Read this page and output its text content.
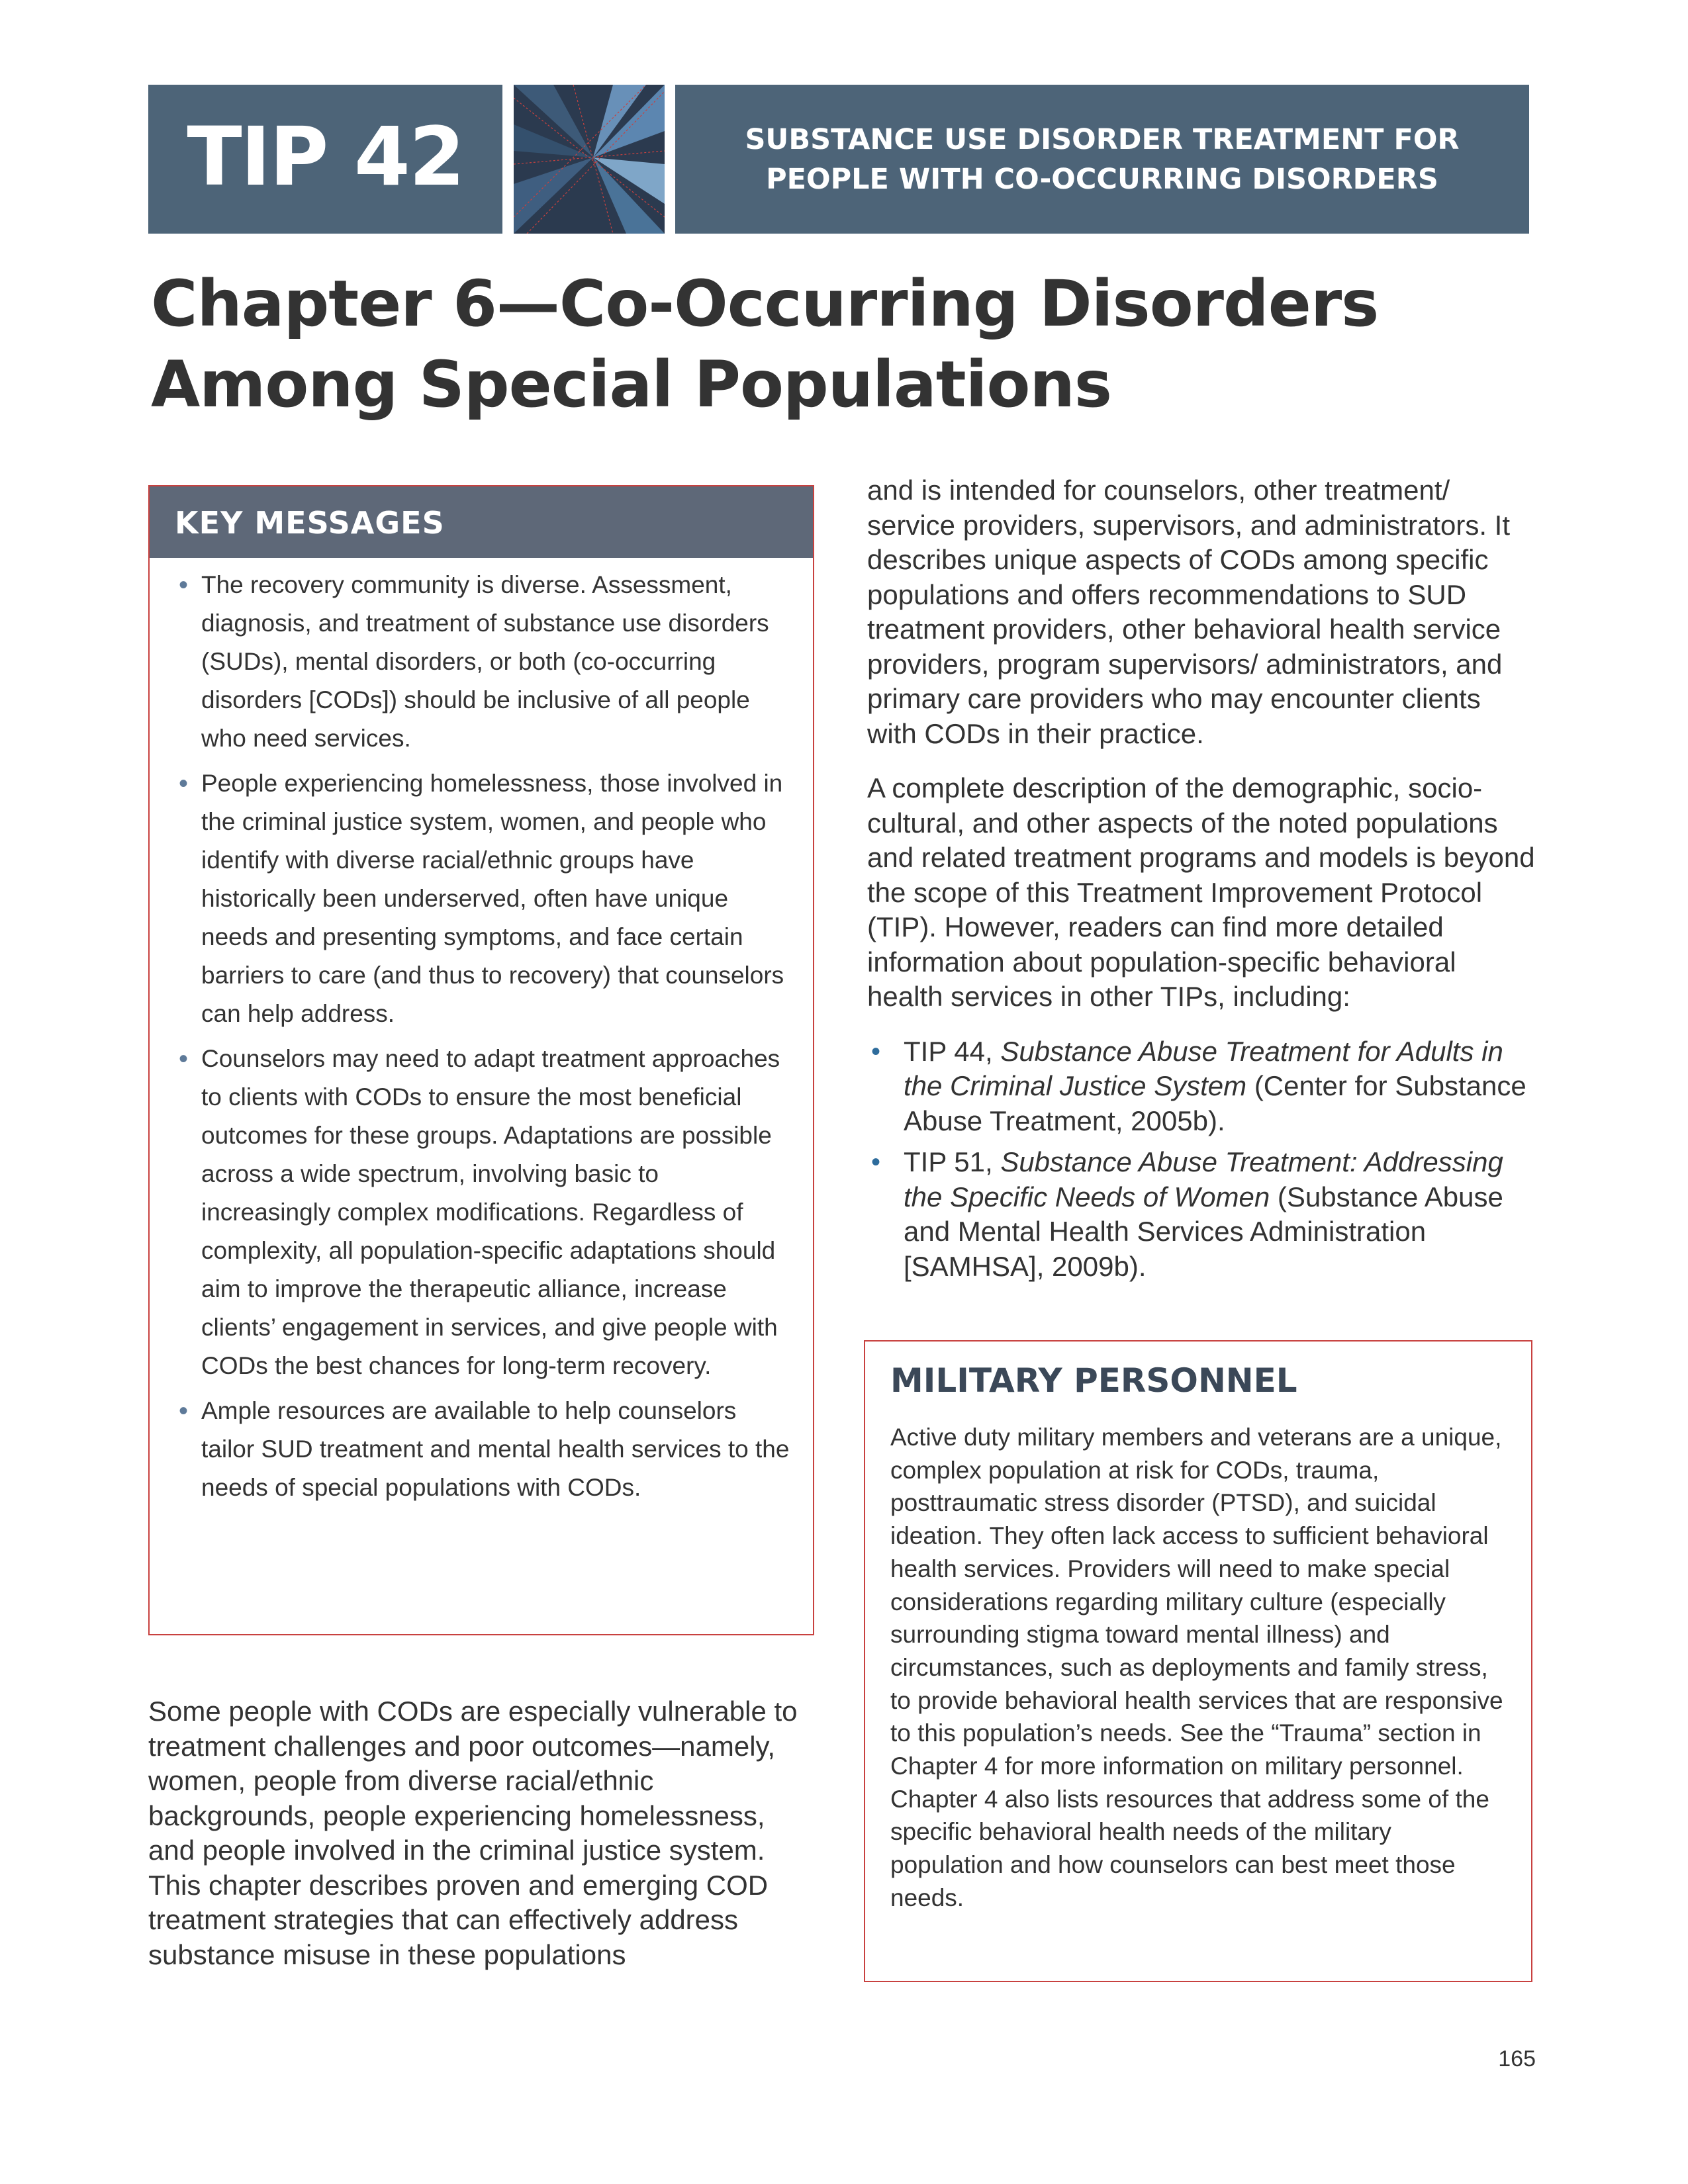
TIP 42	SUBSTANCE USE DISORDER TREATMENT FOR
PEOPLE WITH CO-OCCURRING DISORDERS
Chapter 6—Co-Occurring Disorders Among Special Populations
KEY MESSAGES
• The recovery community is diverse. Assessment, diagnosis, and treatment of substance use disorders (SUDs), mental disorders, or both (co-occurring disorders [CODs]) should be inclusive of all people who need services.
• People experiencing homelessness, those involved in the criminal justice system, women, and people who identify with diverse racial/ethnic groups have historically been underserved, often have unique needs and presenting symptoms, and face certain barriers to care (and thus to recovery) that counselors can help address.
• Counselors may need to adapt treatment approaches to clients with CODs to ensure the most beneficial outcomes for these groups. Adaptations are possible across a wide spectrum, involving basic to increasingly complex modifications. Regardless of complexity, all population-specific adaptations should aim to improve the therapeutic alliance, increase clients’ engagement in services, and give people with CODs the best chances for long-term recovery.
• Ample resources are available to help counselors tailor SUD treatment and mental health services to the needs of special populations with CODs.

Some people with CODs are especially vulnerable to treatment challenges and poor outcomes—namely, women, people from diverse racial/ethnic backgrounds, people experiencing homelessness, and people involved in the criminal justice system. This chapter describes proven and emerging COD treatment strategies that can effectively address substance misuse in these populations

and is intended for counselors, other treatment/ service providers, supervisors, and administrators. It describes unique aspects of CODs among specific populations and offers recommendations to SUD treatment providers, other behavioral health service providers, program supervisors/ administrators, and primary care providers who may encounter clients with CODs in their practice.

A complete description of the demographic, socio-cultural, and other aspects of the noted populations and related treatment programs and models is beyond the scope of this Treatment Improvement Protocol (TIP). However, readers can find more detailed information about population-specific behavioral health services in other TIPs, including:

• TIP 44, Substance Abuse Treatment for Adults in the Criminal Justice System (Center for Substance Abuse Treatment, 2005b).
• TIP 51, Substance Abuse Treatment: Addressing the Specific Needs of Women (Substance Abuse and Mental Health Services Administration [SAMHSA], 2009b).
MILITARY PERSONNEL

Active duty military members and veterans are a unique, complex population at risk for CODs, trauma, posttraumatic stress disorder (PTSD), and suicidal ideation. They often lack access to sufficient behavioral health services. Providers will need to make special considerations regarding military culture (especially surrounding stigma toward mental illness) and circumstances, such as deployments and family stress, to provide behavioral health services that are responsive to this population’s needs. See the “Trauma” section in Chapter 4 for more information on military personnel. Chapter 4 also lists resources that address some of the specific behavioral health needs of the military population and how counselors can best meet those needs.

165
